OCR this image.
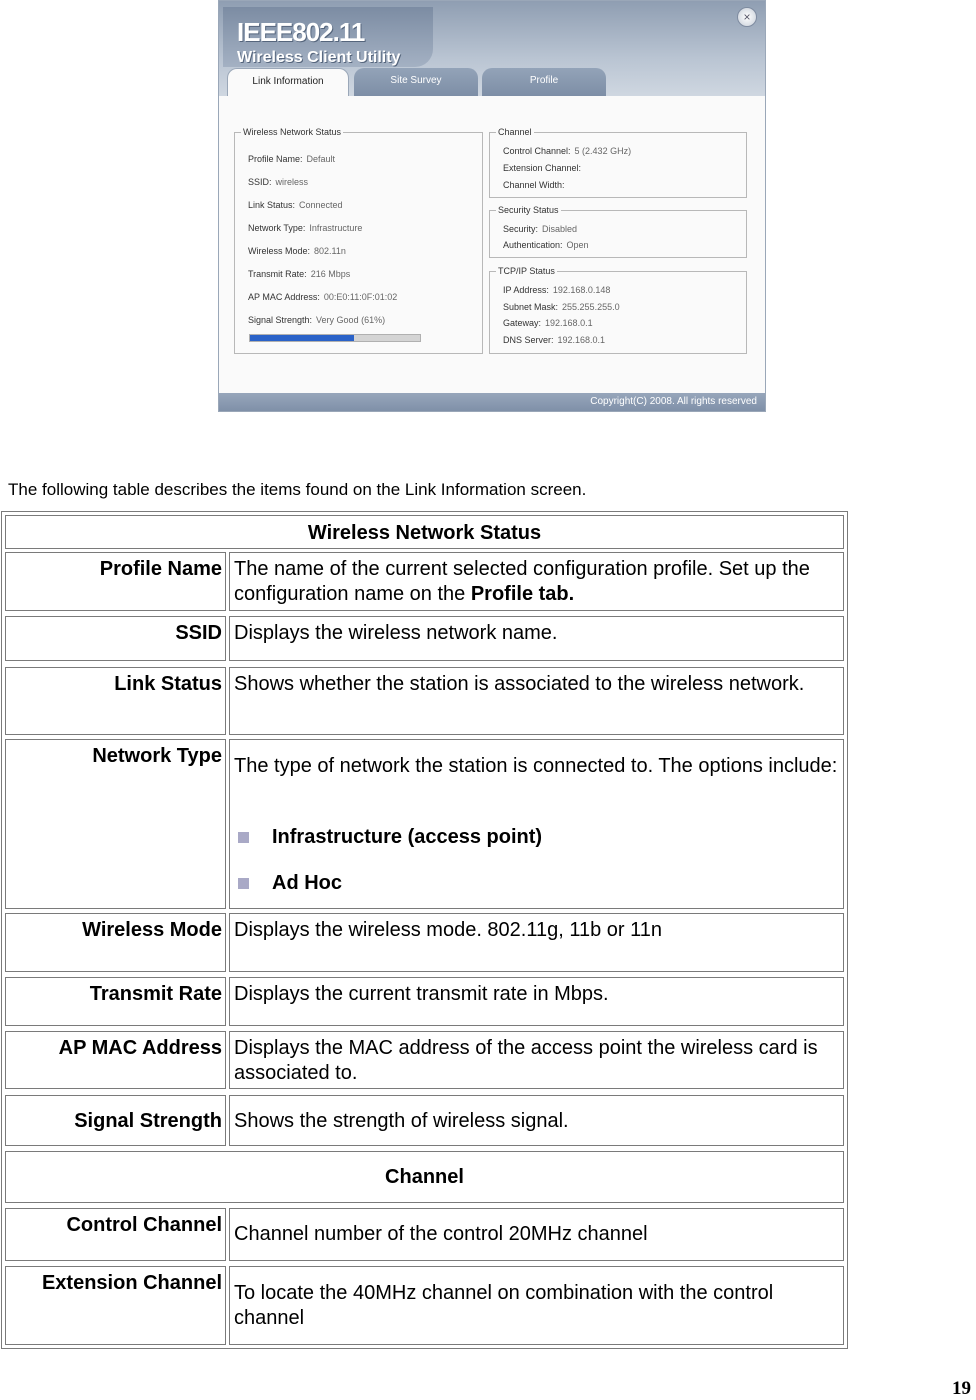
IEEE802.11
Wireless Client Utility
×
Link Information	Site Survey	Profile
Wireless Network Status
Profile Name: Default
SSID: wireless
Link Status: Connected
Network Type: Infrastructure
Wireless Mode: 802.11n
Transmit Rate: 216 Mbps
AP MAC Address: 00:E0:11:0F:01:02
Signal Strength: Very Good (61%)
Channel
Control Channel: 5 (2.432 GHz)
Extension Channel:
Channel Width:
Security Status
Security: Disabled
Authentication: Open
TCP/IP Status
IP Address: 192.168.0.148
Subnet Mask: 255.255.255.0
Gateway: 192.168.0.1
DNS Server: 192.168.0.1
Copyright(C) 2008. All rights reserved
The following table describes the items found on the Link Information screen.
Wireless Network Status
Profile Name The name of the current selected configuration profile. Set up the configuration name on the Profile tab.
SSID Displays the wireless network name.
Link Status Shows whether the station is associated to the wireless network.
Network Type The type of network the station is connected to. The options include:
Infrastructure (access point)
Ad Hoc
Wireless Mode Displays the wireless mode. 802.11g, 11b or 11n
Transmit Rate Displays the current transmit rate in Mbps.
AP MAC Address Displays the MAC address of the access point the wireless card is associated to.
Signal Strength Shows the strength of wireless signal.
Channel
Control Channel Channel number of the control 20MHz channel
Extension Channel To locate the 40MHz channel on combination with the control channel
19
